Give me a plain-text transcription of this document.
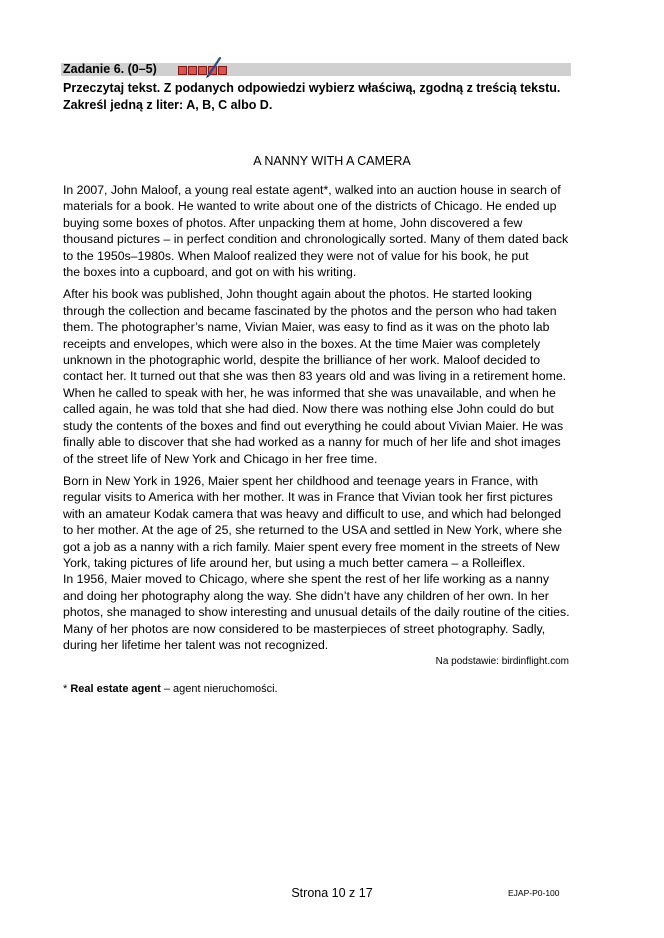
Zadanie 6. (0–5)
Przeczytaj tekst. Z podanych odpowiedzi wybierz właściwą, zgodną z treścią tekstu.
Zakreśl jedną z liter: A, B, C albo D.
A NANNY WITH A CAMERA

In 2007, John Maloof, a young real estate agent*, walked into an auction house in search of
materials for a book. He wanted to write about one of the districts of Chicago. He ended up
buying some boxes of photos. After unpacking them at home, John discovered a few
thousand pictures – in perfect condition and chronologically sorted. Many of them dated back
to the 1950s–1980s. When Maloof realized they were not of value for his book, he put
the boxes into a cupboard, and got on with his writing.

After his book was published, John thought again about the photos. He started looking
through the collection and became fascinated by the photos and the person who had taken
them. The photographer’s name, Vivian Maier, was easy to find as it was on the photo lab
receipts and envelopes, which were also in the boxes. At the time Maier was completely
unknown in the photographic world, despite the brilliance of her work. Maloof decided to
contact her. It turned out that she was then 83 years old and was living in a retirement home.
When he called to speak with her, he was informed that she was unavailable, and when he
called again, he was told that she had died. Now there was nothing else John could do but
study the contents of the boxes and find out everything he could about Vivian Maier. He was
finally able to discover that she had worked as a nanny for much of her life and shot images
of the street life of New York and Chicago in her free time.

Born in New York in 1926, Maier spent her childhood and teenage years in France, with
regular visits to America with her mother. It was in France that Vivian took her first pictures
with an amateur Kodak camera that was heavy and difficult to use, and which had belonged
to her mother. At the age of 25, she returned to the USA and settled in New York, where she
got a job as a nanny with a rich family. Maier spent every free moment in the streets of New
York, taking pictures of life around her, but using a much better camera – a Rolleiflex.
In 1956, Maier moved to Chicago, where she spent the rest of her life working as a nanny
and doing her photography along the way. She didn’t have any children of her own. In her
photos, she managed to show interesting and unusual details of the daily routine of the cities.
Many of her photos are now considered to be masterpieces of street photography. Sadly,
during her lifetime her talent was not recognized.

Na podstawie: birdinflight.com
* Real estate agent – agent nieruchomości.
Strona 10 z 17	EJAP-P0-100
